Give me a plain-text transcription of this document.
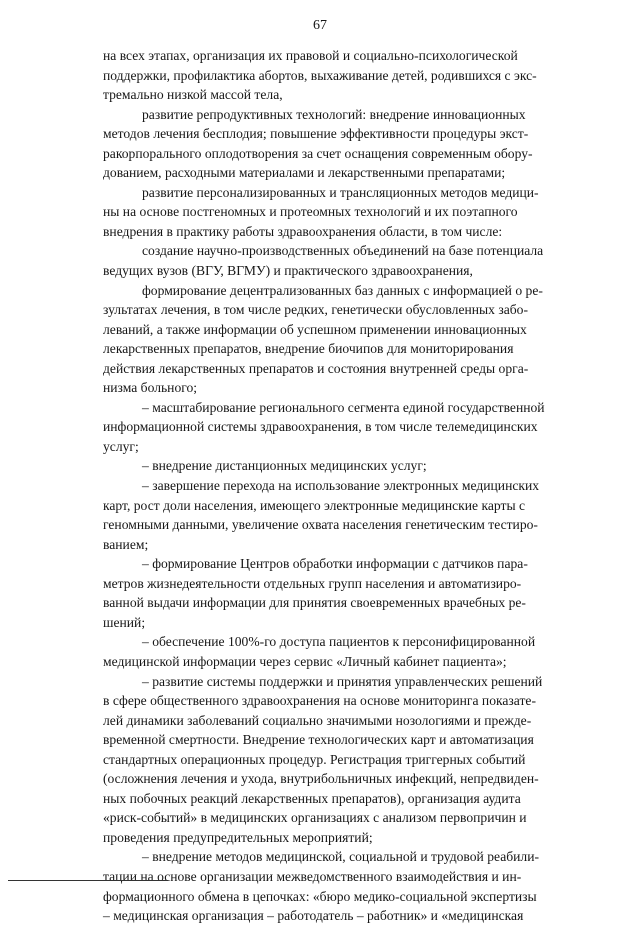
67

на всех этапах, организация их правовой и социально-психологической
поддержки, профилактика абортов, выхаживание детей, родившихся с экс-
тремально низкой массой тела,

развитие репродуктивных технологий: внедрение инновационных
методов лечения бесплодия; повышение эффективности процедуры экст-
ракорпорального оплодотворения за счет оснащения современным обору-
дованием, расходными материалами и лекарственными препаратами;

развитие персонализированных и трансляционных методов медици-
ны на основе постгеномных и протеомных технологий и их поэтапного
внедрения в практику работы здравоохранения области, в том числе:

создание научно-производственных объединений на базе потенциала
ведущих вузов (ВГУ, ВГМУ) и практического здравоохранения,

формирование децентрализованных баз данных с информацией о ре-
зультатах лечения, в том числе редких, генетически обусловленных забо-
леваний, а также информации об успешном применении инновационных
лекарственных препаратов, внедрение биочипов для мониторирования
действия лекарственных препаратов и состояния внутренней среды орга-
низма больного;

– масштабирование регионального сегмента единой государственной
информационной системы здравоохранения, в том числе телемедицинских
услуг;

– внедрение дистанционных медицинских услуг;

– завершение перехода на использование электронных медицинских
карт, рост доли населения, имеющего электронные медицинские карты с
геномными данными, увеличение охвата населения генетическим тестиро-
ванием;

– формирование Центров обработки информации с датчиков пара-
метров жизнедеятельности отдельных групп населения и автоматизиро-
ванной выдачи информации для принятия своевременных врачебных ре-
шений;

– обеспечение 100%-го доступа пациентов к персонифицированной
медицинской информации через сервис «Личный кабинет пациента»;

– развитие системы поддержки и принятия управленческих решений
в сфере общественного здравоохранения на основе мониторинга показате-
лей динамики заболеваний социально значимыми нозологиями и прежде-
временной смертности. Внедрение технологических карт и автоматизация
стандартных операционных процедур. Регистрация триггерных событий
(осложнения лечения и ухода, внутрибольничных инфекций, непредвиден-
ных побочных реакций лекарственных препаратов), организация аудита
«риск-событий» в медицинских организациях с анализом первопричин и
проведения предупредительных мероприятий;

– внедрение методов медицинской, социальной и трудовой реабили-
тации на основе организации межведомственного взаимодействия и ин-
формационного обмена в цепочках: «бюро медико-социальной экспертизы
– медицинская организация – работодатель – работник» и «медицинская
